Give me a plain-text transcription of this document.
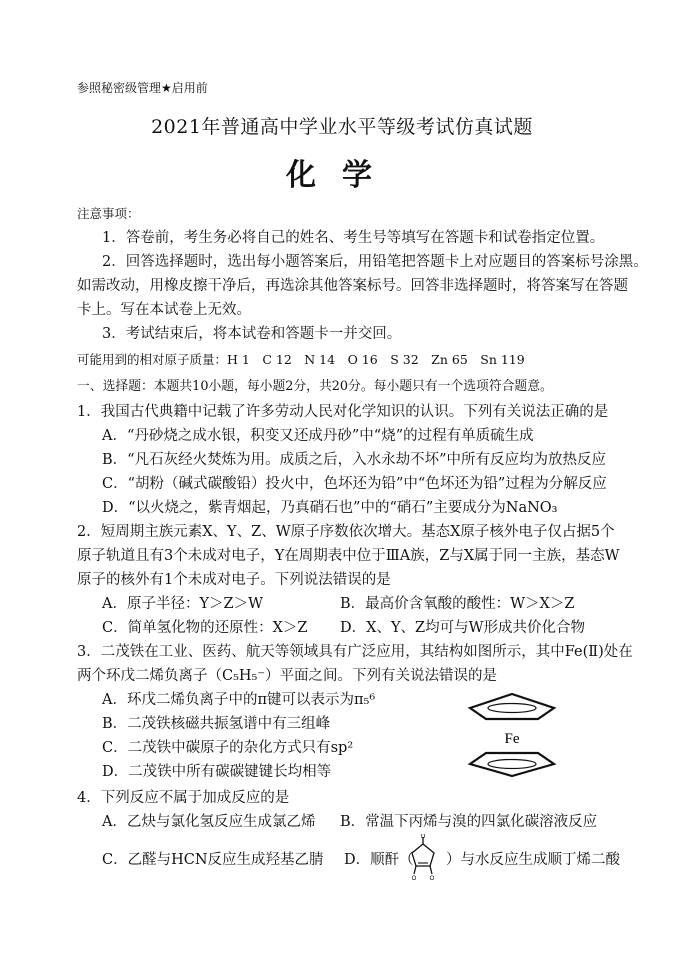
参照秘密级管理★启用前
2021年普通高中学业水平等级考试仿真试题
化学
注意事项：
1．答卷前，考生务必将自己的姓名、考生号等填写在答题卡和试卷指定位置。
2．回答选择题时，选出每小题答案后，用铅笔把答题卡上对应题目的答案标号涂黑。
如需改动，用橡皮擦干净后，再选涂其他答案标号。回答非选择题时，将答案写在答题
卡上。写在本试卷上无效。
3．考试结束后，将本试卷和答题卡一并交回。
可能用到的相对原子质量：H 1　C 12　N 14　O 16　S 32　Zn 65　Sn 119
一、选择题：本题共10小题，每小题2分，共20分。每小题只有一个选项符合题意。
1．我国古代典籍中记载了许多劳动人民对化学知识的认识。下列有关说法正确的是
A．“丹砂烧之成水银，积变又还成丹砂”中“烧”的过程有单质硫生成
B．“凡石灰经火焚炼为用。成质之后，入水永劫不坏”中所有反应均为放热反应
C．“胡粉（碱式碳酸铅）投火中，色坏还为铅”中“色坏还为铅”过程为分解反应
D．“以火烧之，紫青烟起，乃真硝石也”中的“硝石”主要成分为NaNO₃
2．短周期主族元素X、Y、Z、W原子序数依次增大。基态X原子核外电子仅占据5个
原子轨道且有3个未成对电子，Y在周期表中位于ⅢA族，Z与X属于同一主族，基态W
原子的核外有1个未成对电子。下列说法错误的是
A．原子半径：Y＞Z＞W	B．最高价含氧酸的酸性：W＞X＞Z
C．简单氢化物的还原性：X＞Z D．X、Y、Z均可与W形成共价化合物
3．二茂铁在工业、医药、航天等领域具有广泛应用，其结构如图所示，其中Fe(Ⅱ)处在
两个环戊二烯负离子（C₅H₅⁻）平面之间。下列有关说法错误的是
A．环戊二烯负离子中的π键可以表示为π₅⁶
B．二茂铁核磁共振氢谱中有三组峰
C．二茂铁中碳原子的杂化方式只有sp²
D．二茂铁中所有碳碳键键长均相等
Fe
4．下列反应不属于加成反应的是
A．乙炔与氯化氢反应生成氯乙烯 B．常温下丙烯与溴的四氯化碳溶液反应
C．乙醛与HCN反应生成羟基乙腈 D．顺酐（
O
O O
）与水反应生成顺丁烯二酸
